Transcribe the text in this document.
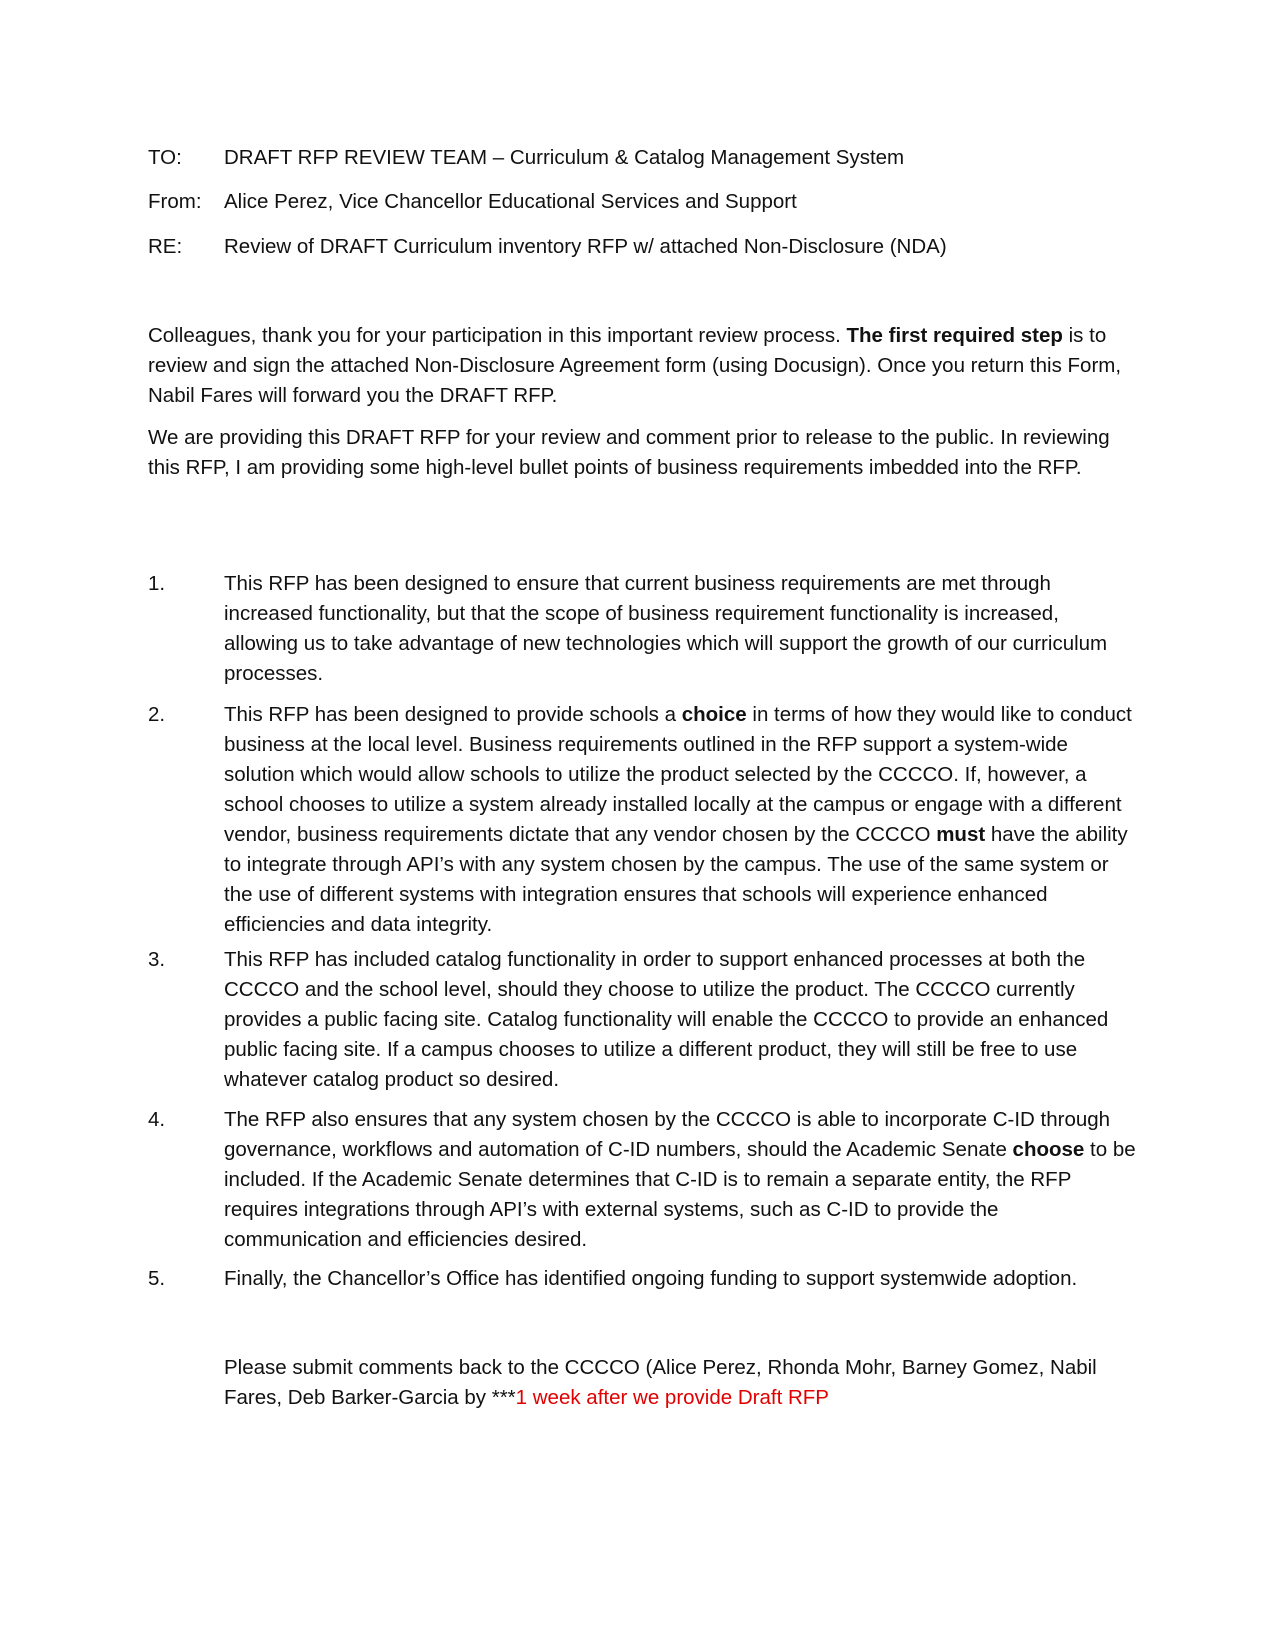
TO: DRAFT RFP REVIEW TEAM – Curriculum & Catalog Management System
From: Alice Perez, Vice Chancellor Educational Services and Support
RE: Review of DRAFT Curriculum inventory RFP w/ attached Non-Disclosure (NDA)

Colleagues, thank you for your participation in this important review process. The first required step is to review and sign the attached Non-Disclosure Agreement form (using Docusign). Once you return this Form, Nabil Fares will forward you the DRAFT RFP.

We are providing this DRAFT RFP for your review and comment prior to release to the public. In reviewing this RFP, I am providing some high-level bullet points of business requirements imbedded into the RFP.

1.	This RFP has been designed to ensure that current business requirements are met through increased functionality, but that the scope of business requirement functionality is increased, allowing us to take advantage of new technologies which will support the growth of our curriculum processes.
2.	This RFP has been designed to provide schools a choice in terms of how they would like to conduct business at the local level. Business requirements outlined in the RFP support a system-wide solution which would allow schools to utilize the product selected by the CCCCO. If, however, a school chooses to utilize a system already installed locally at the campus or engage with a different vendor, business requirements dictate that any vendor chosen by the CCCCO must have the ability to integrate through API’s with any system chosen by the campus. The use of the same system or the use of different systems with integration ensures that schools will experience enhanced efficiencies and data integrity.
3.	This RFP has included catalog functionality in order to support enhanced processes at both the CCCCO and the school level, should they choose to utilize the product. The CCCCO currently provides a public facing site. Catalog functionality will enable the CCCCO to provide an enhanced public facing site. If a campus chooses to utilize a different product, they will still be free to use whatever catalog product so desired.
4.	The RFP also ensures that any system chosen by the CCCCO is able to incorporate C-ID through governance, workflows and automation of C-ID numbers, should the Academic Senate choose to be included. If the Academic Senate determines that C-ID is to remain a separate entity, the RFP requires integrations through API’s with external systems, such as C-ID to provide the communication and efficiencies desired.
5.	Finally, the Chancellor’s Office has identified ongoing funding to support systemwide adoption.
Please submit comments back to the CCCCO (Alice Perez, Rhonda Mohr, Barney Gomez, Nabil Fares, Deb Barker-Garcia by ***1 week after we provide Draft RFP
